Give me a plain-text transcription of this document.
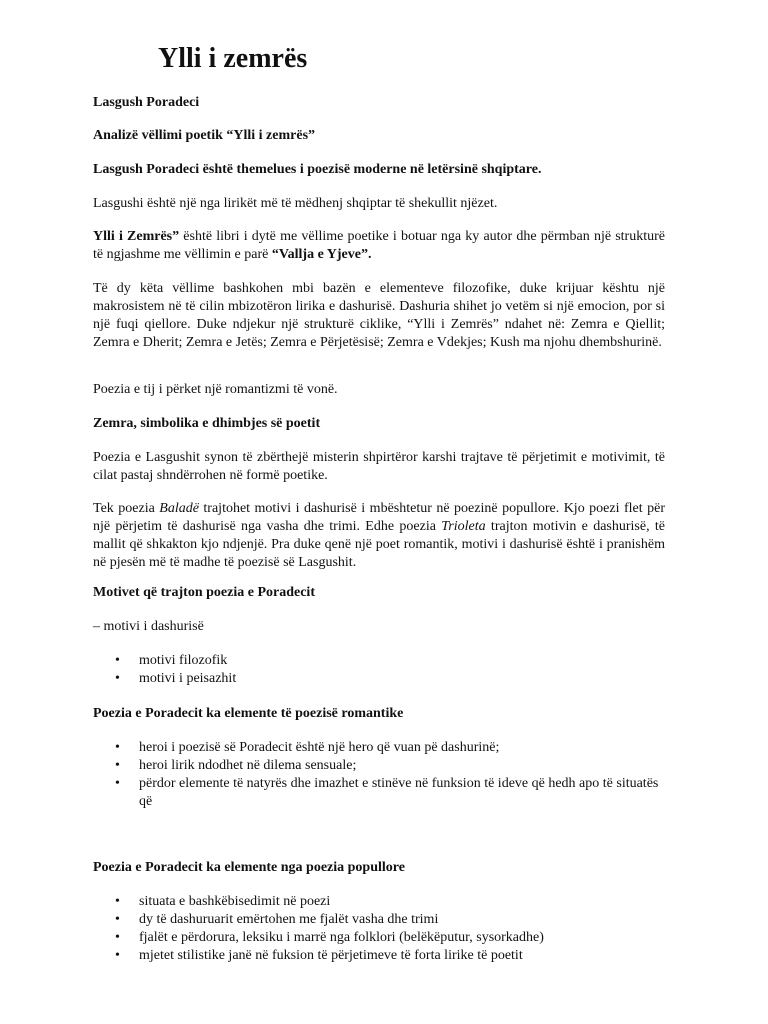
Ylli i zemrës

Lasgush Poradeci

Analizë vëllimi poetik “Ylli i zemrës”

Lasgush Poradeci është themelues i poezisë moderne në letërsinë shqiptare.

Lasgushi është një nga lirikët më të mëdhenj shqiptar të shekullit njëzet.

Ylli i Zemrës” është libri i dytë me vëllime poetike i botuar nga ky autor dhe përmban një strukturë të ngjashme me vëllimin e parë “Vallja e Yjeve”.

Të dy këta vëllime bashkohen mbi bazën e elementeve filozofike, duke krijuar kështu një makrosistem në të cilin mbizotëron lirika e dashurisë. Dashuria shihet jo vetëm si një emocion, por si një fuqi qiellore. Duke ndjekur një strukturë ciklike, “Ylli i Zemrës” ndahet në: Zemra e Qiellit; Zemra e Dherit; Zemra e Jetës; Zemra e Përjetësisë; Zemra e Vdekjes; Kush ma njohu dhembshurinë.

Poezia e tij i përket një romantizmi të vonë.

Zemra, simbolika e dhimbjes së poetit

Poezia e Lasgushit synon të zbërthejë misterin shpirtëror karshi trajtave të përjetimit e motivimit, të cilat pastaj shndërrohen në formë poetike.

Tek poezia Baladë trajtohet motivi i dashurisë i mbështetur në poezinë popullore. Kjo poezi flet për një përjetim të dashurisë nga vasha dhe trimi. Edhe poezia Trioleta trajton motivin e dashurisë, të mallit që shkakton kjo ndjenjë. Pra duke qenë një poet romantik, motivi i dashurisë është i pranishëm në pjesën më të madhe të poezisë së Lasgushit.

Motivet që trajton poezia e Poradecit

– motivi i dashurisë

• motivi filozofik
• motivi i peisazhit

Poezia e Poradecit ka elemente të poezisë romantike

• heroi i poezisë së Poradecit është një hero që vuan pë dashurinë;
• heroi lirik ndodhet në dilema sensuale;
• përdor elemente të natyrës dhe imazhet e stinëve në funksion të ideve që hedh apo të situatës që

Poezia e Poradecit ka elemente nga poezia popullore

• situata e bashkëbisedimit në poezi
• dy të dashuruarit emërtohen me fjalët vasha dhe trimi
• fjalët e përdorura, leksiku i marrë nga folklori (belëkëputur, sysorkadhe)
• mjetet stilistike janë në fuksion të përjetimeve të forta lirike të poetit
